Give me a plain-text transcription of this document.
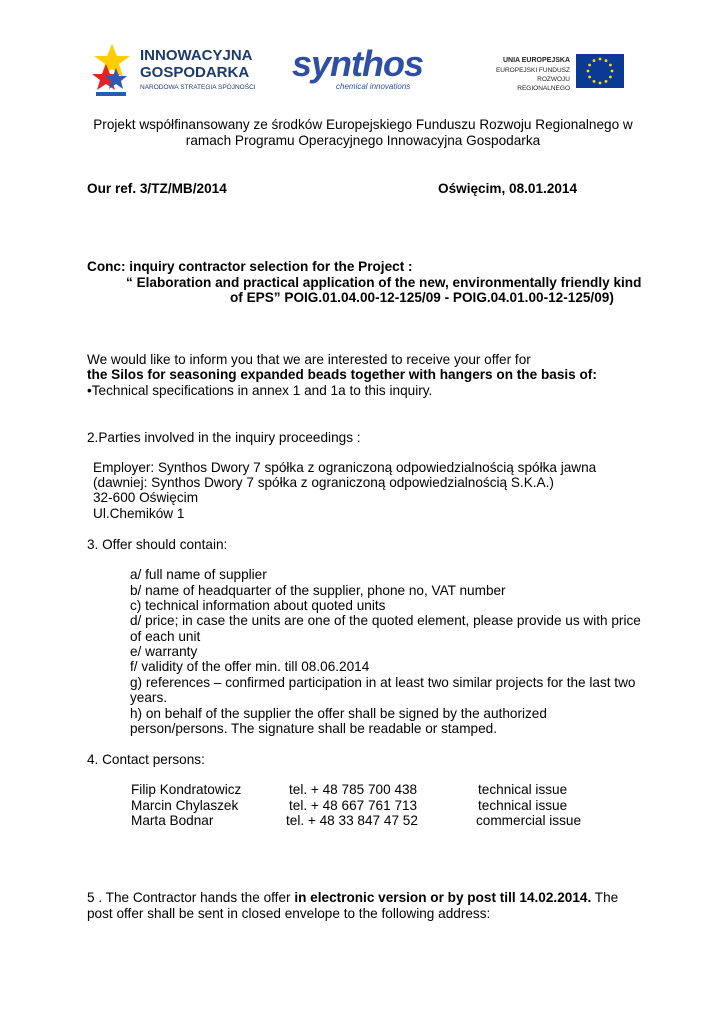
INNOWACYJNA
GOSPODARKA
NARODOWA STRATEGIA SPÓJNOŚCI
synthos
chemical innovations
UNIA EUROPEJSKA
EUROPEJSKI FUNDUSZ
ROZWOJU REGIONALNEGO
Projekt współfinansowany ze środków Europejskiego Funduszu Rozwoju Regionalnego w
ramach Programu Operacyjnego Innowacyjna Gospodarka
Our ref. 3/TZ/MB/2014	Oświęcim, 08.01.2014
Conc: inquiry contractor selection for the Project :
“ Elaboration and practical application of the new, environmentally friendly kind
of EPS” POIG.01.04.00-12-125/09 - POIG.04.01.00-12-125/09)
We would like to inform you that we are interested to receive your offer for
the Silos for seasoning expanded beads together with hangers on the basis of:
•Technical specifications in annex 1 and 1a to this inquiry.
2.Parties involved in the inquiry proceedings :
Employer: Synthos Dwory 7 spółka z ograniczoną odpowiedzialnością spółka jawna
(dawniej: Synthos Dwory 7 spółka z ograniczoną odpowiedzialnością S.K.A.)
32-600 Oświęcim
Ul.Chemików 1
3. Offer should contain:
a/ full name of supplier
b/ name of headquarter of the supplier, phone no, VAT number
c) technical information about quoted units
d/ price; in case the units are one of the quoted element, please provide us with price
of each unit
e/ warranty
f/ validity of the offer min. till 08.06.2014
g) references – confirmed participation in at least two similar projects for the last two
years.
h) on behalf of the supplier the offer shall be signed by the authorized
person/persons. The signature shall be readable or stamped.
4. Contact persons:
Filip Kondratowicz	tel. + 48 785 700 438	technical issue
Marcin Chylaszek	tel. + 48 667 761 713	technical issue
Marta Bodnar	tel. + 48 33 847 47 52	commercial issue
5 . The Contractor hands the offer in electronic version or by post till 14.02.2014. The
post offer shall be sent in closed envelope to the following address:
